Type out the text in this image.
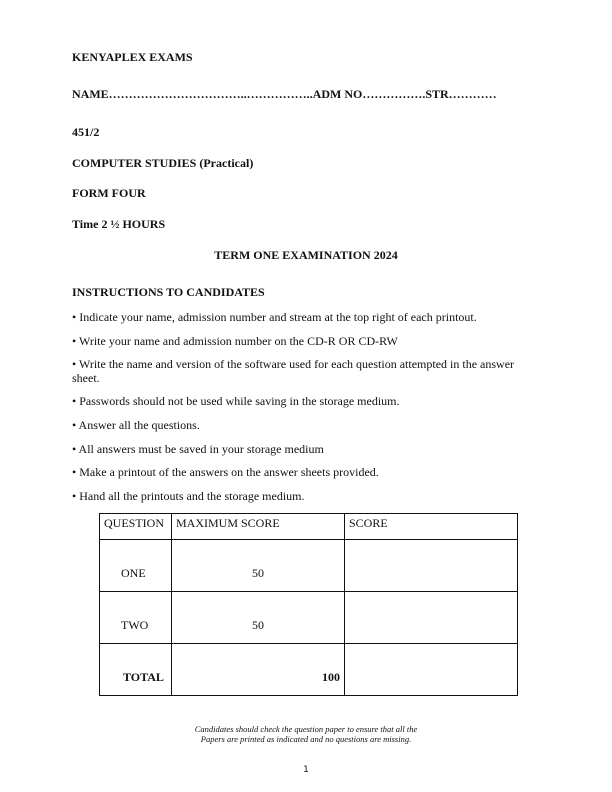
KENYAPLEX EXAMS
NAME……………………………..……………..ADM NO…………….STR…………
451/2
COMPUTER STUDIES (Practical)
FORM FOUR
Time 2 ½ HOURS
TERM ONE EXAMINATION 2024
INSTRUCTIONS TO CANDIDATES
• Indicate your name, admission number and stream at the top right of each printout.
• Write your name and admission number on the CD-R OR CD-RW
• Write the name and version of the software used for each question attempted in the answer sheet.
• Passwords should not be used while saving in the storage medium.
• Answer all the questions.
• All answers must be saved in your storage medium
• Make a printout of the answers on the answer sheets provided.
• Hand all the printouts and the storage medium.
QUESTION	MAXIMUM SCORE	SCORE

ONE	50	

TWO	50	

TOTAL	100	

Candidates should check the question paper to ensure that all the
Papers are printed as indicated and no questions are missing.
1
